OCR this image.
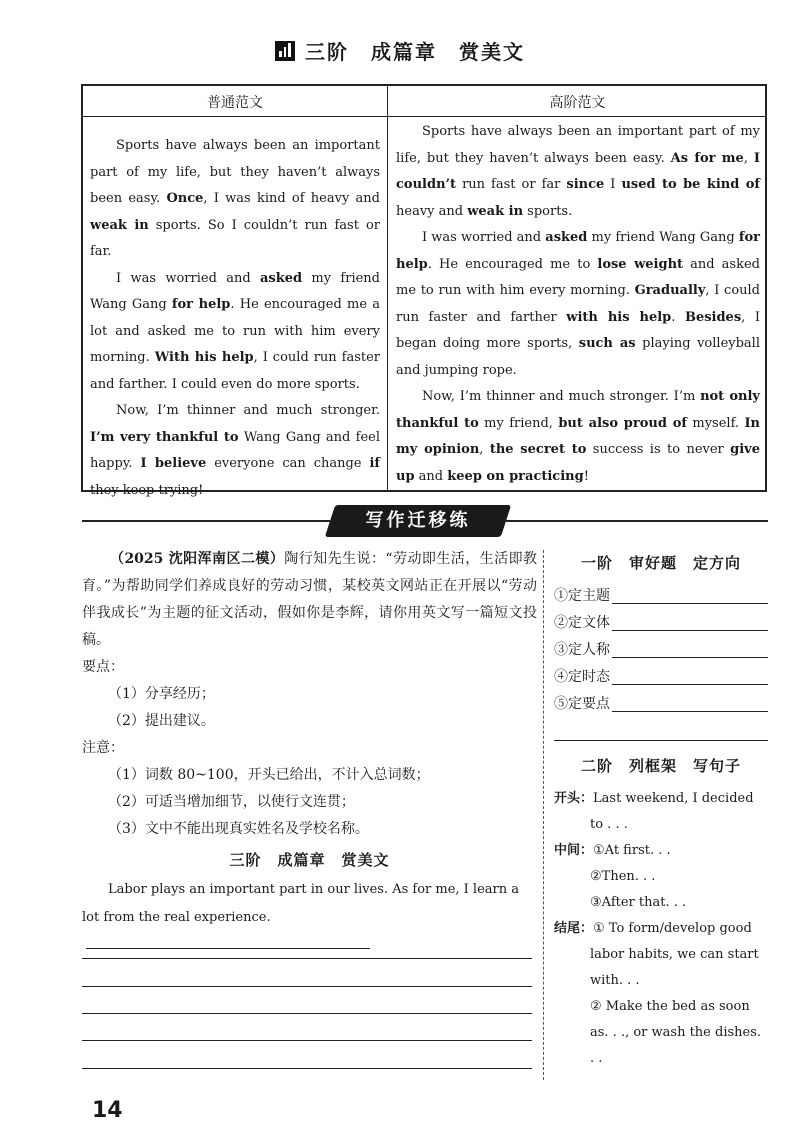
三阶　成篇章　赏美文
普通范文	高阶范文

Sports have always been an important part of my life, but they haven’t always been easy. Once, I was kind of heavy and weak in sports. So I couldn’t run fast or far.

I was worried and asked my friend Wang Gang for help. He encouraged me a lot and asked me to run with him every morning. With his help, I could run faster and farther. I could even do more sports.

Now, I’m thinner and much stronger. I’m very thankful to Wang Gang and feel happy. I believe everyone can change if they keep trying!

Sports have always been an important part of my life, but they haven’t always been easy. As for me, I couldn’t run fast or far since I used to be kind of heavy and weak in sports.

I was worried and asked my friend Wang Gang for help. He encouraged me to lose weight and asked me to run with him every morning. Gradually, I could run faster and farther with his help. Besides, I began doing more sports, such as playing volleyball and jumping rope.

Now, I’m thinner and much stronger. I’m not only thankful to my friend, but also proud of myself. In my opinion, the secret to success is to never give up and keep on practicing!

写作迁移练

（2025 沈阳浑南区二模）陶行知先生说：“劳动即生活，生活即教育。”为帮助同学们养成良好的劳动习惯，某校英文网站正在开展以“劳动伴我成长”为主题的征文活动，假如你是李辉，请你用英文写一篇短文投稿。

要点：

（1）分享经历；

（2）提出建议。

注意：

（1）词数 80~100，开头已给出，不计入总词数；

（2）可适当增加细节，以使行文连贯；

（3）文中不能出现真实姓名及学校名称。

三阶　成篇章　赏美文

Labor plays an important part in our lives. As for me, I learn a lot from the real experience.

一阶　审好题　定方向
①定主题
②定文体
③定人称
④定时态
⑤定要点
二阶　列框架　写句子
开头：Last weekend, I decided
to . . .
中间：①At first. . .
②Then. . .
③After that. . .
结尾：① To form/develop good
labor habits, we can start
with. . .
② Make the bed as soon
as. . ., or wash the dishes. . .
14
